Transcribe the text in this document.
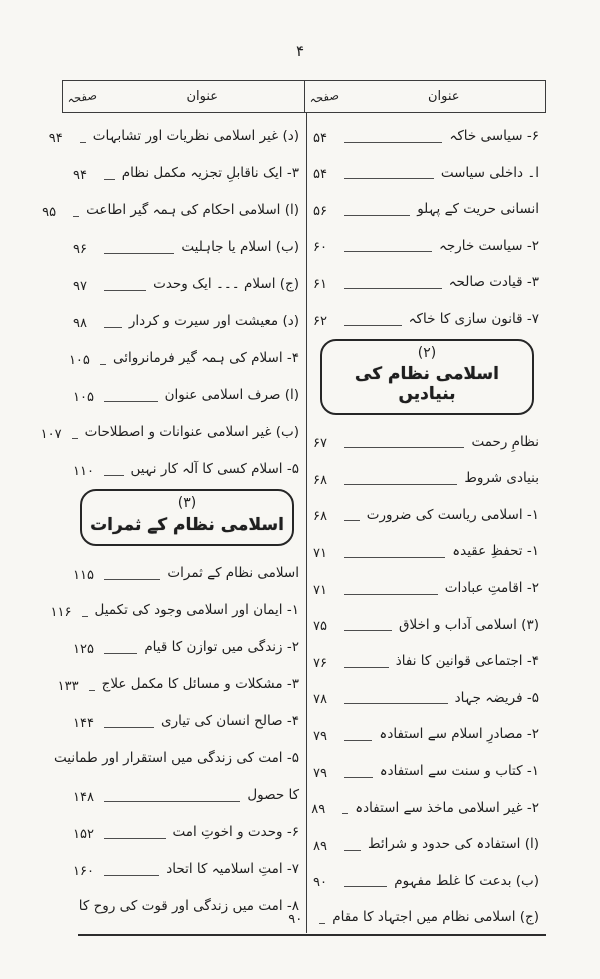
۴
عنوان
صفحہ
عنوان
صفحہ
۶- سیاسی خاکہ
۵۴
ا۔ داخلی سیاست
۵۴
انسانی حریت کے پہلو
۵۶
۲- سیاست خارجہ
۶۰
۳- قیادت صالحہ
۶۱
۷- قانون سازی کا خاکہ
۶۲
(۲)
اسلامی نظام کی بنیادیں
نظامِ رحمت
۶۷
بنیادی شروط
۶۸
۱- اسلامی ریاست کی ضرورت
۶۸
۱- تحفظِ عقیدہ
۷۱
۲- اقامتِ عبادات
۷۱
(۳) اسلامی آداب و اخلاق
۷۵
۴- اجتماعی قوانین کا نفاذ
۷۶
۵- فریضہ جہاد
۷۸
۲- مصادرِ اسلام سے استفادہ
۷۹
۱- کتاب و سنت سے استفادہ
۷۹
۲- غیر اسلامی ماخذ سے استفادہ
۸۹
(ا) استفادہ کی حدود و شرائط
۸۹
(ب) بدعت کا غلط مفہوم
۹۰
(ج) اسلامی نظام میں اجتہاد کا مقام
۹۰
(د) غیر اسلامی نظریات اور تشابہات
۹۴
۳- ایک ناقابلِ تجزیہ مکمل نظام
۹۴
(ا) اسلامی احکام کی ہمہ گیر اطاعت
۹۵
(ب) اسلام یا جاہلیت
۹۶
(ج) اسلام ۔۔۔ ایک وحدت
۹۷
(د) معیشت اور سیرت و کردار
۹۸
۴- اسلام کی ہمہ گیر فرمانروائی
۱۰۵
(ا) صرف اسلامی عنوان
۱۰۵
(ب) غیر اسلامی عنوانات و اصطلاحات
۱۰۷
۵- اسلام کسی کا آلہ کار نہیں
۱۱۰
(۳)
اسلامی نظام کے ثمرات
اسلامی نظام کے ثمرات
۱۱۵
۱- ایمان اور اسلامی وجود کی تکمیل
۱۱۶
۲- زندگی میں توازن کا قیام
۱۲۵
۳- مشکلات و مسائل کا مکمل علاج
۱۳۳
۴- صالح انسان کی تیاری
۱۴۴
۵- امت کی زندگی میں استقرار اور طمانیت
کا حصول
۱۴۸
۶- وحدت و اخوتِ امت
۱۵۲
۷- امتِ اسلامیہ کا اتحاد
۱۶۰
۸- امت میں زندگی اور قوت کی روح کا
